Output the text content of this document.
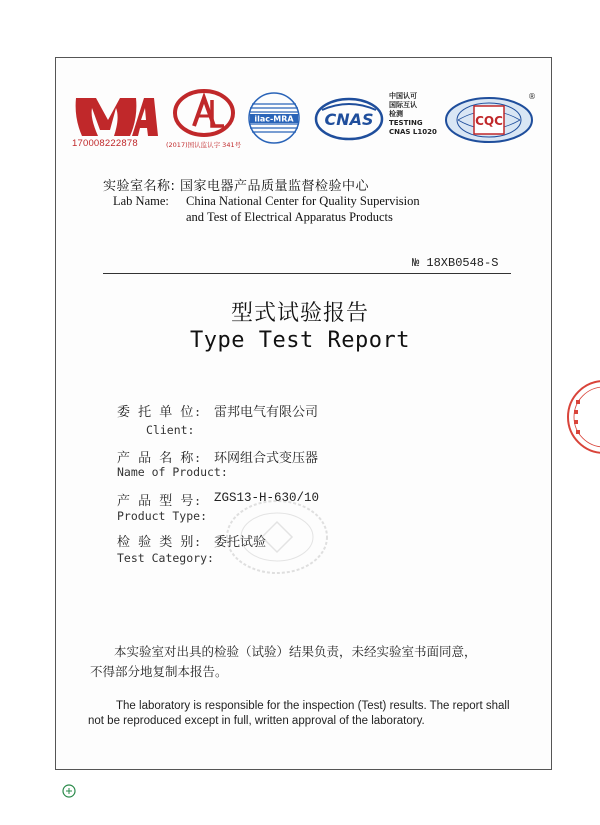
170008222878	(2017)国认监认字 341号
ilac-MRA CNAS
中国认可
国际互认
检测
TESTING
CNAS L1020
CQC
®
实验室名称: 国家电器产品质量监督检验中心
Lab Name: China National Center for Quality Supervision
and Test of Electrical Apparatus Products
№ 18XB0548-S
型式试验报告
Type Test Report
委 托 单 位: 雷邦电气有限公司
Client:
产 品 名 称: 环网组合式变压器
Name of Product:
产 品 型 号: ZGS13-H-630/10
Product Type:
检 验 类 别: 委托试验
Test Category:
本实验室对出具的检验（试验）结果负责，未经实验室书面同意，
不得部分地复制本报告。
The laboratory is responsible for the inspection (Test) results. The report shall
not be reproduced except in full, written approval of the laboratory.
